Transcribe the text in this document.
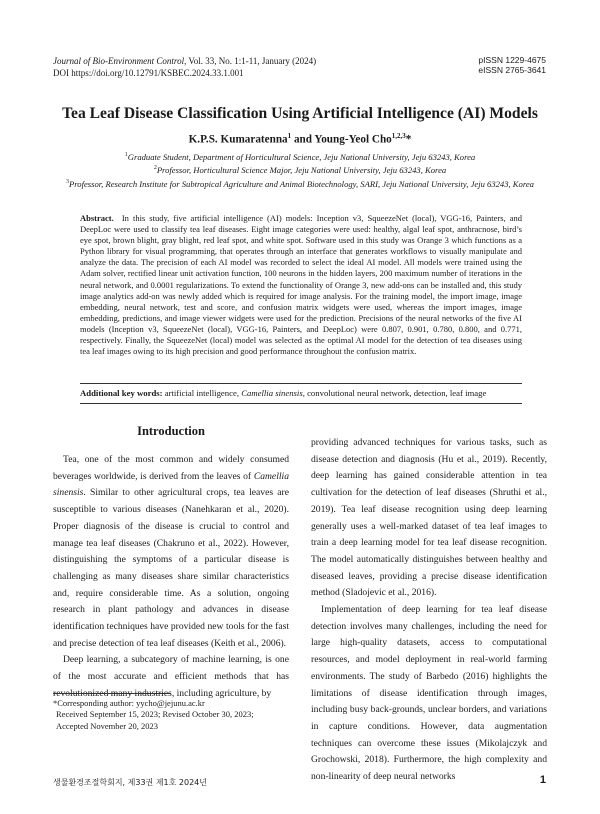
Journal of Bio-Environment Control, Vol. 33, No. 1:1-11, January (2024)
DOI https://doi.org/10.12791/KSBEC.2024.33.1.001
pISSN 1229-4675
eISSN 2765-3641
Tea Leaf Disease Classification Using Artificial Intelligence (AI) Models
K.P.S. Kumaratenna$^1$ and Young-Yeol Cho$^{1,2,3}$*
$^1$Graduate Student, Department of Horticultural Science, Jeju National University, Jeju 63243, Korea
$^2$Professor, Horticultural Science Major, Jeju National University, Jeju 63243, Korea
$^3$Professor, Research Institute for Subtropical Agriculture and Animal Biotechnology, SARI, Jeju National University, Jeju 63243, Korea
Abstract. In this study, five artificial intelligence (AI) models: Inception v3, SqueezeNet (local), VGG-16, Painters, and DeepLoc were used to classify tea leaf diseases. Eight image categories were used: healthy, algal leaf spot, anthracnose, bird’s eye spot, brown blight, gray blight, red leaf spot, and white spot. Software used in this study was Orange 3 which functions as a Python library for visual programming, that operates through an interface that generates workflows to visually manipulate and analyze the data. The precision of each AI model was recorded to select the ideal AI model. All models were trained using the Adam solver, rectified linear unit activation function, 100 neurons in the hidden layers, 200 maximum number of iterations in the neural network, and 0.0001 regularizations. To extend the functionality of Orange 3, new add-ons can be installed and, this study image analytics add-on was newly added which is required for image analysis. For the training model, the import image, image embedding, neural network, test and score, and confusion matrix widgets were used, whereas the import images, image embedding, predictions, and image viewer widgets were used for the prediction. Precisions of the neural networks of the five AI models (Inception v3, SqueezeNet (local), VGG-16, Painters, and DeepLoc) were 0.807, 0.901, 0.780, 0.800, and 0.771, respectively. Finally, the SqueezeNet (local) model was selected as the optimal AI model for the detection of tea diseases using tea leaf images owing to its high precision and good performance throughout the confusion matrix.
Additional key words: artificial intelligence, Camellia sinensis, convolutional neural network, detection, leaf image
Introduction

Tea, one of the most common and widely consumed beverages worldwide, is derived from the leaves of Camellia sinensis. Similar to other agricultural crops, tea leaves are susceptible to various diseases (Nanehkaran et al., 2020). Proper diagnosis of the disease is crucial to control and manage tea leaf diseases (Chakruno et al., 2022). However, distinguishing the symptoms of a particular disease is challenging as many diseases share similar characteristics and, require considerable time. As a solution, ongoing research in plant pathology and advances in disease identification techniques have provided new tools for the fast and precise detection of tea leaf diseases (Keith et al., 2006).

Deep learning, a subcategory of machine learning, is one of the most accurate and efficient methods that has revolutionized many industries, including agriculture, by

*Corresponding author: yycho@jejunu.ac.kr
Received September 15, 2023; Revised October 30, 2023;
Accepted November 20, 2023

providing advanced techniques for various tasks, such as disease detection and diagnosis (Hu et al., 2019). Recently, deep learning has gained considerable attention in tea cultivation for the detection of leaf diseases (Shruthi et al., 2019). Tea leaf disease recognition using deep learning generally uses a well-marked dataset of tea leaf images to train a deep learning model for tea leaf disease recognition. The model automatically distinguishes between healthy and diseased leaves, providing a precise disease identification method (Sladojevic et al., 2016).

Implementation of deep learning for tea leaf disease detection involves many challenges, including the need for large high-quality datasets, access to computational resources, and model deployment in real-world farming environments. The study of Barbedo (2016) highlights the limitations of disease identification through images, including busy back-grounds, unclear borders, and variations in capture conditions. However, data augmentation techniques can overcome these issues (Mikolajczyk and Grochowski, 2018). Furthermore, the high complexity and non-linearity of deep neural networks

생물환경조절학회지, 제33권 제1호 2024년	1
